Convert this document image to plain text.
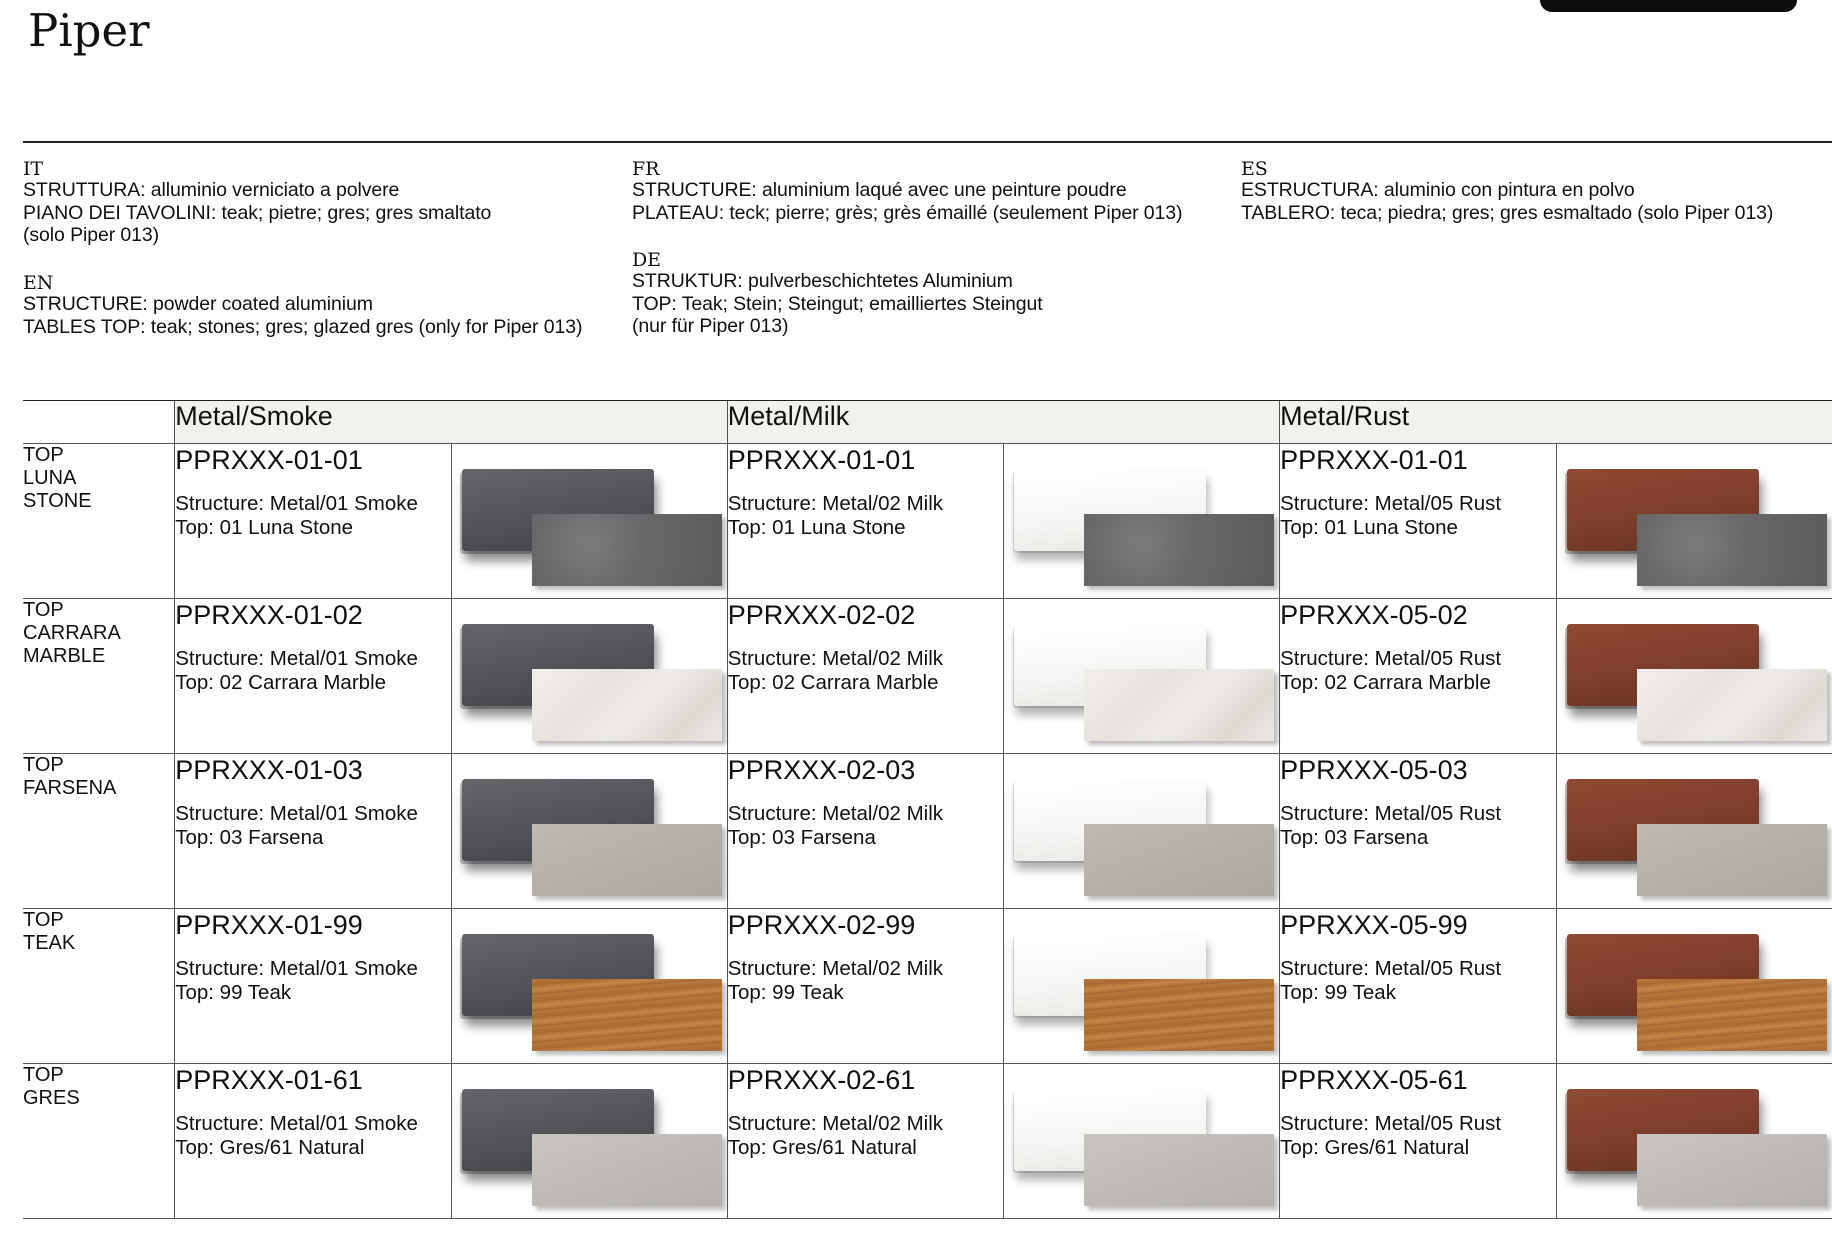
Piper
IT
STRUTTURA: alluminio verniciato a polvere
PIANO DEI TAVOLINI: teak; pietre; gres; gres smaltato
(solo Piper 013)
EN
STRUCTURE: powder coated aluminium
TABLES TOP: teak; stones; gres; glazed gres (only for Piper 013)
FR
STRUCTURE: aluminium laqué avec une peinture poudre
PLATEAU: teck; pierre; grès; grès émaillé (seulement Piper 013)
DE
STRUKTUR: pulverbeschichtetes Aluminium
TOP: Teak; Stein; Steingut; emailliertes Steingut
(nur für Piper 013)
ES
ESTRUCTURA: aluminio con pintura en polvo
TABLERO: teca; piedra; gres; gres esmaltado (solo Piper 013)
	Metal/Smoke		Metal/Milk		Metal/Rust	

TOP
LUNA
STONE	PPRXXX-01-01
Structure: Metal/01 Smoke
Top: 01 Luna Stone		PPRXXX-01-01
Structure: Metal/02 Milk
Top: 01 Luna Stone		PPRXXX-01-01
Structure: Metal/05 Rust
Top: 01 Luna Stone	

TOP
CARRARA
MARBLE	PPRXXX-01-02
Structure: Metal/01 Smoke
Top: 02 Carrara Marble		PPRXXX-02-02
Structure: Metal/02 Milk
Top: 02 Carrara Marble		PPRXXX-05-02
Structure: Metal/05 Rust
Top: 02 Carrara Marble	

TOP
FARSENA	PPRXXX-01-03
Structure: Metal/01 Smoke
Top: 03 Farsena		PPRXXX-02-03
Structure: Metal/02 Milk
Top: 03 Farsena		PPRXXX-05-03
Structure: Metal/05 Rust
Top: 03 Farsena	

TOP
TEAK	PPRXXX-01-99
Structure: Metal/01 Smoke
Top: 99 Teak		PPRXXX-02-99
Structure: Metal/02 Milk
Top: 99 Teak		PPRXXX-05-99
Structure: Metal/05 Rust
Top: 99 Teak	

TOP
GRES	PPRXXX-01-61
Structure: Metal/01 Smoke
Top: Gres/61 Natural		PPRXXX-02-61
Structure: Metal/02 Milk
Top: Gres/61 Natural		PPRXXX-05-61
Structure: Metal/05 Rust
Top: Gres/61 Natural	
